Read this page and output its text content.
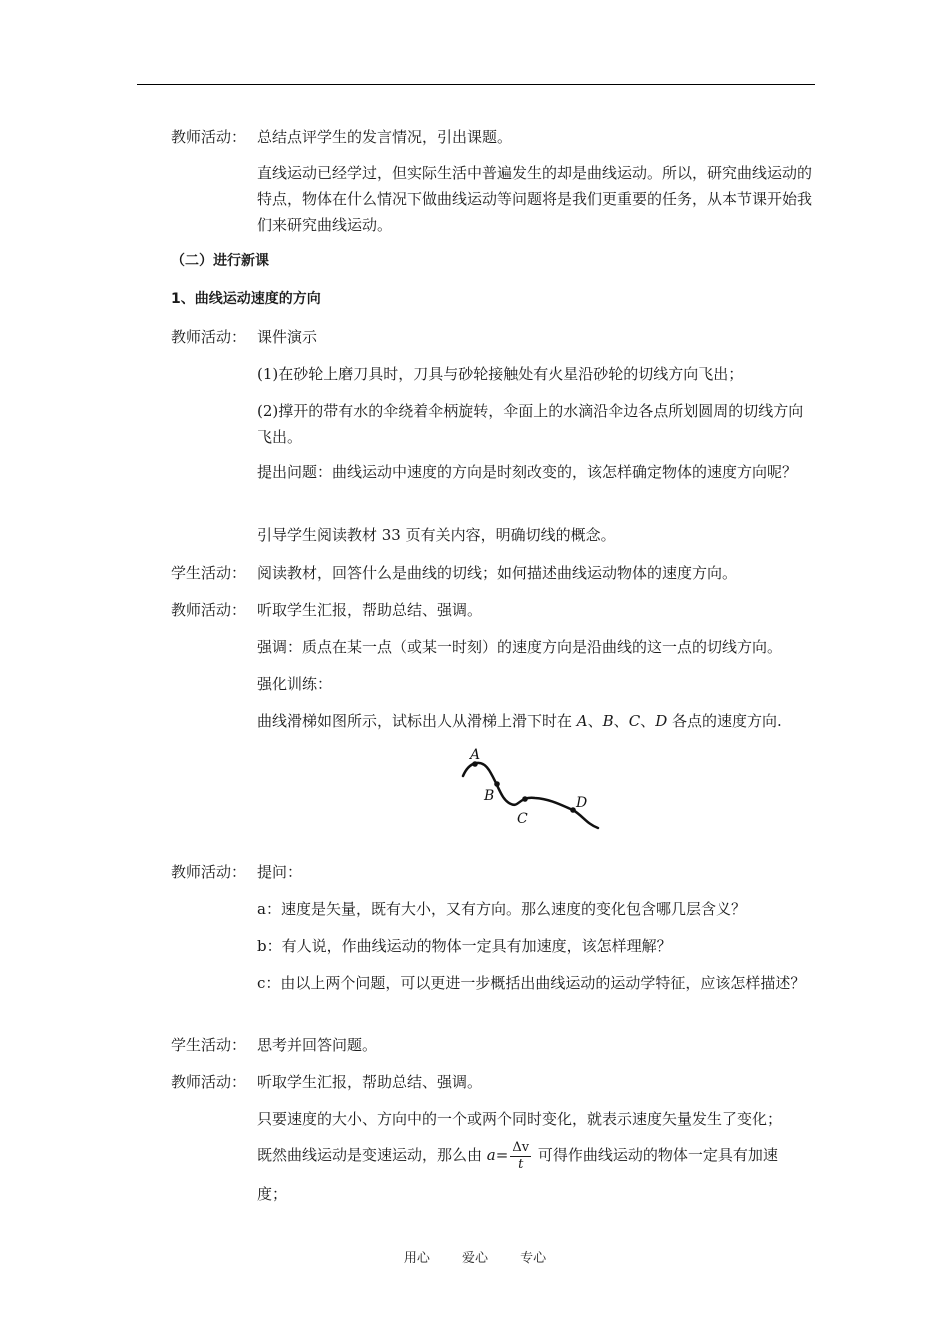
教师活动： 总结点评学生的发言情况，引出课题。
直线运动已经学过，但实际生活中普遍发生的却是曲线运动。所以，研究曲线运动的特点，物体在什么情况下做曲线运动等问题将是我们更重要的任务，从本节课开始我们来研究曲线运动。
（二）进行新课
1、曲线运动速度的方向
教师活动： 课件演示
(1)在砂轮上磨刀具时，刀具与砂轮接触处有火星沿砂轮的切线方向飞出；
(2)撑开的带有水的伞绕着伞柄旋转，伞面上的水滴沿伞边各点所划圆周的切线方向飞出。
提出问题：曲线运动中速度的方向是时刻改变的，该怎样确定物体的速度方向呢？
引导学生阅读教材 33 页有关内容，明确切线的概念。
学生活动： 阅读教材，回答什么是曲线的切线；如何描述曲线运动物体的速度方向。
教师活动： 听取学生汇报，帮助总结、强调。
强调：质点在某一点（或某一时刻）的速度方向是沿曲线的这一点的切线方向。
强化训练：
曲线滑梯如图所示，试标出人从滑梯上滑下时在 A、B、C、D 各点的速度方向.
A
B
C
D
教师活动： 提问：
a：速度是矢量，既有大小，又有方向。那么速度的变化包含哪几层含义？
b：有人说，作曲线运动的物体一定具有加速度，该怎样理解？
c：由以上两个问题，可以更进一步概括出曲线运动的运动学特征，应该怎样描述？
学生活动： 思考并回答问题。
教师活动： 听取学生汇报，帮助总结、强调。
只要速度的大小、方向中的一个或两个同时变化，就表示速度矢量发生了变化；
既然曲线运动是变速运动，那么由 $a= \frac{\Delta v}{t}$ 可得作曲线运动的物体一定具有加速
度；
用心 爱心 专心
